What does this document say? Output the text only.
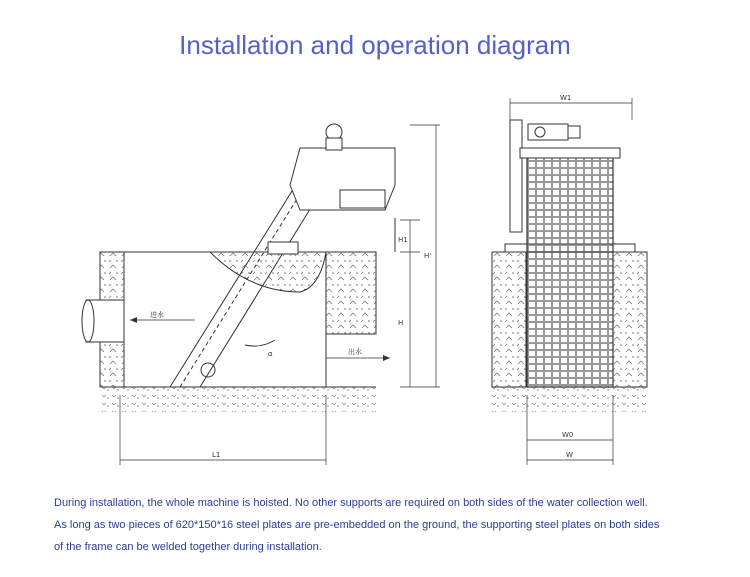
Installation and operation diagram
进水
出水
L1
H1
H
H'
α
W1
W0
W

During installation, the whole machine is hoisted. No other supports are required on both sides of the water collection well.

As long as two pieces of 620*150*16 steel plates are pre-embedded on the ground, the supporting steel plates on both sides

of the frame can be welded together during installation.
